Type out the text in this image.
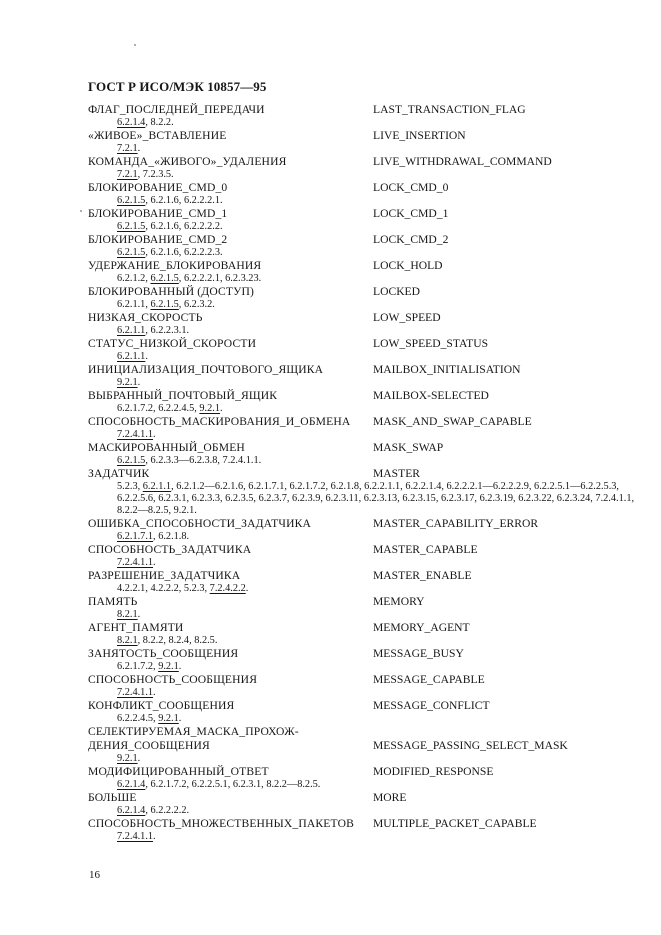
ГОСТ Р ИСО/МЭК 10857—95
ФЛАГ_ПОСЛЕДНЕЙ_ПЕРЕДАЧИ	LAST_TRANSACTION_FLAG
6.2.1.4, 8.2.2.
«ЖИВОЕ»_ВСТАВЛЕНИЕ	LIVE_INSERTION
7.2.1.
КОМАНДА_«ЖИВОГО»_УДАЛЕНИЯ	LIVE_WITHDRAWAL_COMMAND
7.2.1, 7.2.3.5.
БЛОКИРОВАНИЕ_CMD_0	LOCK_CMD_0
6.2.1.5, 6.2.1.6, 6.2.2.2.1.
БЛОКИРОВАНИЕ_CMD_1	LOCK_CMD_1
6.2.1.5, 6.2.1.6, 6.2.2.2.2.
БЛОКИРОВАНИЕ_CMD_2	LOCK_CMD_2
6.2.1.5, 6.2.1.6, 6.2.2.2.3.
УДЕРЖАНИЕ_БЛОКИРОВАНИЯ	LOCK_HOLD
6.2.1.2, 6.2.1.5, 6.2.2.2.1, 6.2.3.23.
БЛОКИРОВАННЫЙ (ДОСТУП)	LOCKED
6.2.1.1, 6.2.1.5, 6.2.3.2.
НИЗКАЯ_СКОРОСТЬ	LOW_SPEED
6.2.1.1, 6.2.2.3.1.
СТАТУС_НИЗКОЙ_СКОРОСТИ	LOW_SPEED_STATUS
6.2.1.1.
ИНИЦИАЛИЗАЦИЯ_ПОЧТОВОГО_ЯЩИКА	MAILBOX_INITIALISATION
9.2.1.
ВЫБРАННЫЙ_ПОЧТОВЫЙ_ЯЩИК	MAILBOX-SELECTED
6.2.1.7.2, 6.2.2.4.5, 9.2.1.
СПОСОБНОСТЬ_МАСКИРОВАНИЯ_И_ОБМЕНА MASK_AND_SWAP_CAPABLE
7.2.4.1.1.
МАСКИРОВАННЫЙ_ОБМЕН	MASK_SWAP
6.2.1.5, 6.2.3.3—6.2.3.8, 7.2.4.1.1.
ЗАДАТЧИК	MASTER
5.2.3, 6.2.1.1, 6.2.1.2—6.2.1.6, 6.2.1.7.1, 6.2.1.7.2, 6.2.1.8, 6.2.2.1.1, 6.2.2.1.4, 6.2.2.2.1—6.2.2.2.9, 6.2.2.5.1—6.2.2.5.3, 6.2.2.5.6, 6.2.3.1, 6.2.3.3, 6.2.3.5, 6.2.3.7, 6.2.3.9, 6.2.3.11, 6.2.3.13, 6.2.3.15, 6.2.3.17, 6.2.3.19, 6.2.3.22, 6.2.3.24, 7.2.4.1.1, 8.2.2—8.2.5, 9.2.1.
ОШИБКА_СПОСОБНОСТИ_ЗАДАТЧИКА	MASTER_CAPABILITY_ERROR
6.2.1.7.1, 6.2.1.8.
СПОСОБНОСТЬ_ЗАДАТЧИКА	MASTER_CAPABLE
7.2.4.1.1.
РАЗРЕШЕНИЕ_ЗАДАТЧИКА	MASTER_ENABLE
4.2.2.1, 4.2.2.2, 5.2.3, 7.2.4.2.2.
ПАМЯТЬ	MEMORY
8.2.1.
АГЕНТ_ПАМЯТИ	MEMORY_AGENT
8.2.1, 8.2.2, 8.2.4, 8.2.5.
ЗАНЯТОСТЬ_СООБЩЕНИЯ	MESSAGE_BUSY
6.2.1.7.2, 9.2.1.
СПОСОБНОСТЬ_СООБЩЕНИЯ	MESSAGE_CAPABLE
7.2.4.1.1.
КОНФЛИКТ_СООБЩЕНИЯ	MESSAGE_CONFLICT
6.2.2.4.5, 9.2.1.
СЕЛЕКТИРУЕМАЯ_МАСКА_ПРОХОЖ-
ДЕНИЯ_СООБЩЕНИЯ	MESSAGE_PASSING_SELECT_MASK
9.2.1.
МОДИФИЦИРОВАННЫЙ_ОТВЕТ	MODIFIED_RESPONSE
6.2.1.4, 6.2.1.7.2, 6.2.2.5.1, 6.2.3.1, 8.2.2—8.2.5.
БОЛЬШЕ	MORE
6.2.1.4, 6.2.2.2.2.
СПОСОБНОСТЬ_МНОЖЕСТВЕННЫХ_ПАКЕТОВ MULTIPLE_PACKET_CAPABLE
7.2.4.1.1.
16
